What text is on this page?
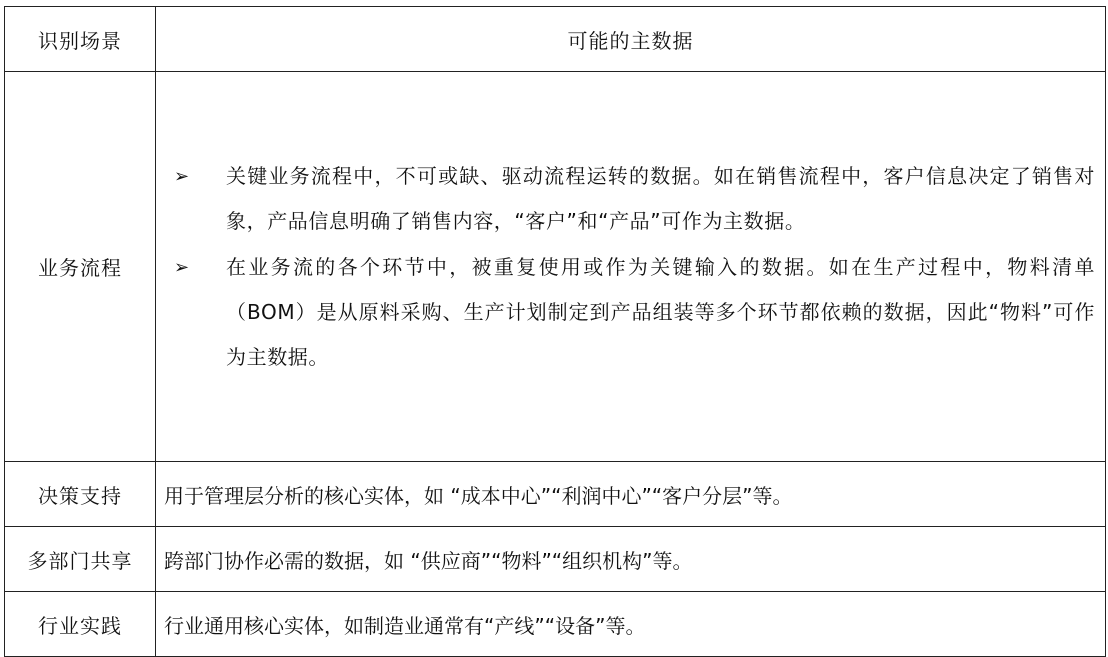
识别场景	可能的主数据
业务流程	➢ 关键业务流程中，不可或缺、驱动流程运转的数据。如在销售流程中，客户信息决定了销售对象，产品信息明确了销售内容，“客户”和“产品”可作为主数据。
➢ 在业务流的各个环节中，被重复使用或作为关键输入的数据。如在生产过程中，物料清单（BOM）是从原料采购、生产计划制定到产品组装等多个环节都依赖的数据，因此“物料”可作为主数据。

决策支持	用于管理层分析的核心实体，如 “成本中心”“利润中心”“客户分层”等。
多部门共享	跨部门协作必需的数据，如 “供应商”“物料”“组织机构”等。
行业实践	行业通用核心实体，如制造业通常有“产线”“设备”等。
